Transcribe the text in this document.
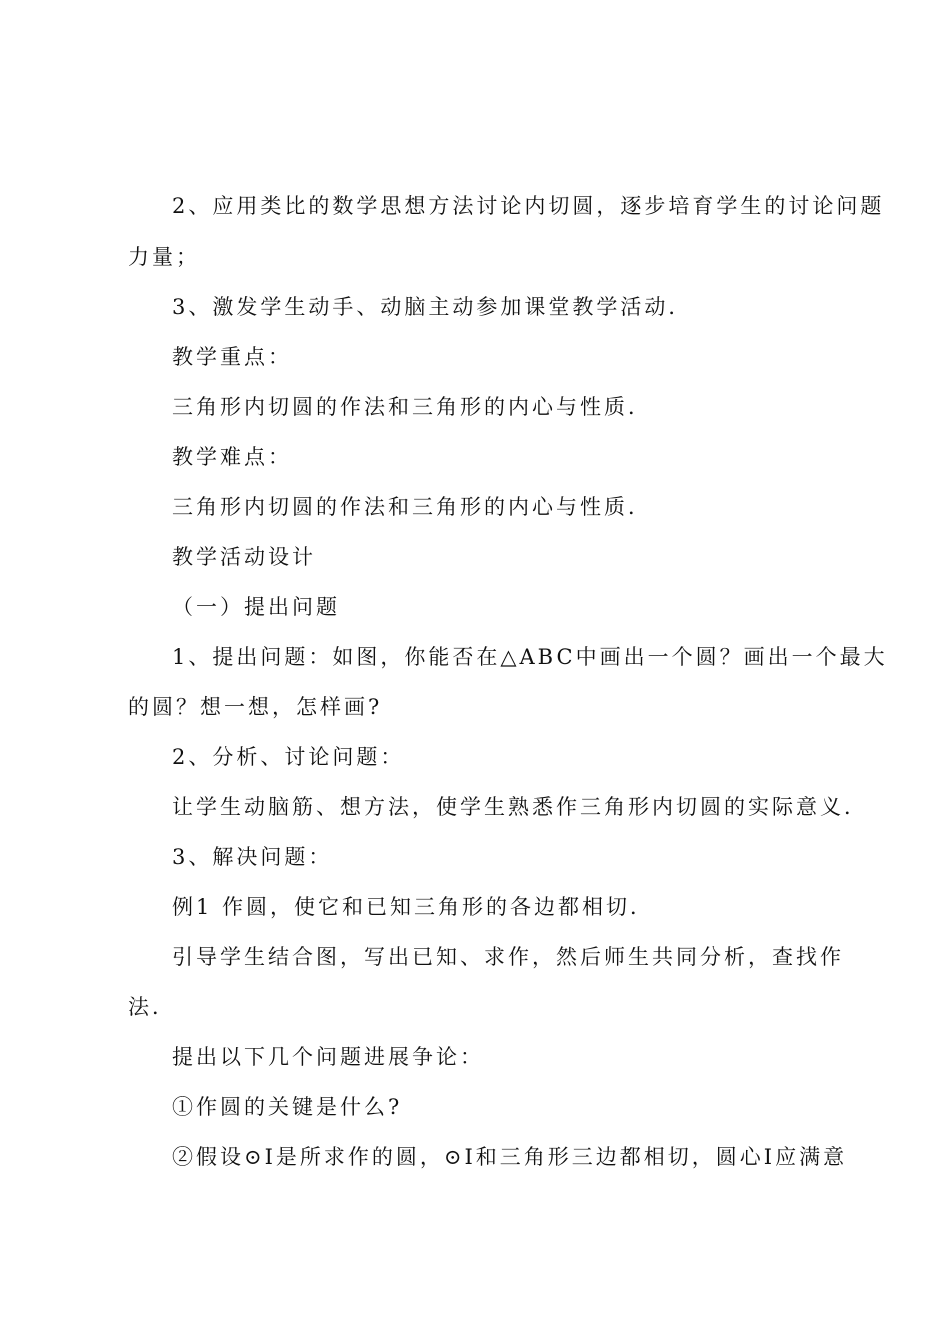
2、应用类比的数学思想方法讨论内切圆，逐步培育学生的讨论问题
力量；
3、激发学生动手、动脑主动参加课堂教学活动．
教学重点：
三角形内切圆的作法和三角形的内心与性质．
教学难点：
三角形内切圆的作法和三角形的内心与性质．
教学活动设计
（一）提出问题
1、提出问题：如图，你能否在△ABC中画出一个圆？画出一个最大
的圆？想一想，怎样画?
2、分析、讨论问题：
让学生动脑筋、想方法，使学生熟悉作三角形内切圆的实际意义．
3、解决问题：
例1 作圆，使它和已知三角形的各边都相切．
引导学生结合图，写出已知、求作，然后师生共同分析，查找作
法．
提出以下几个问题进展争论：
①作圆的关键是什么?
②假设⊙I是所求作的圆，⊙I和三角形三边都相切，圆心I应满意
